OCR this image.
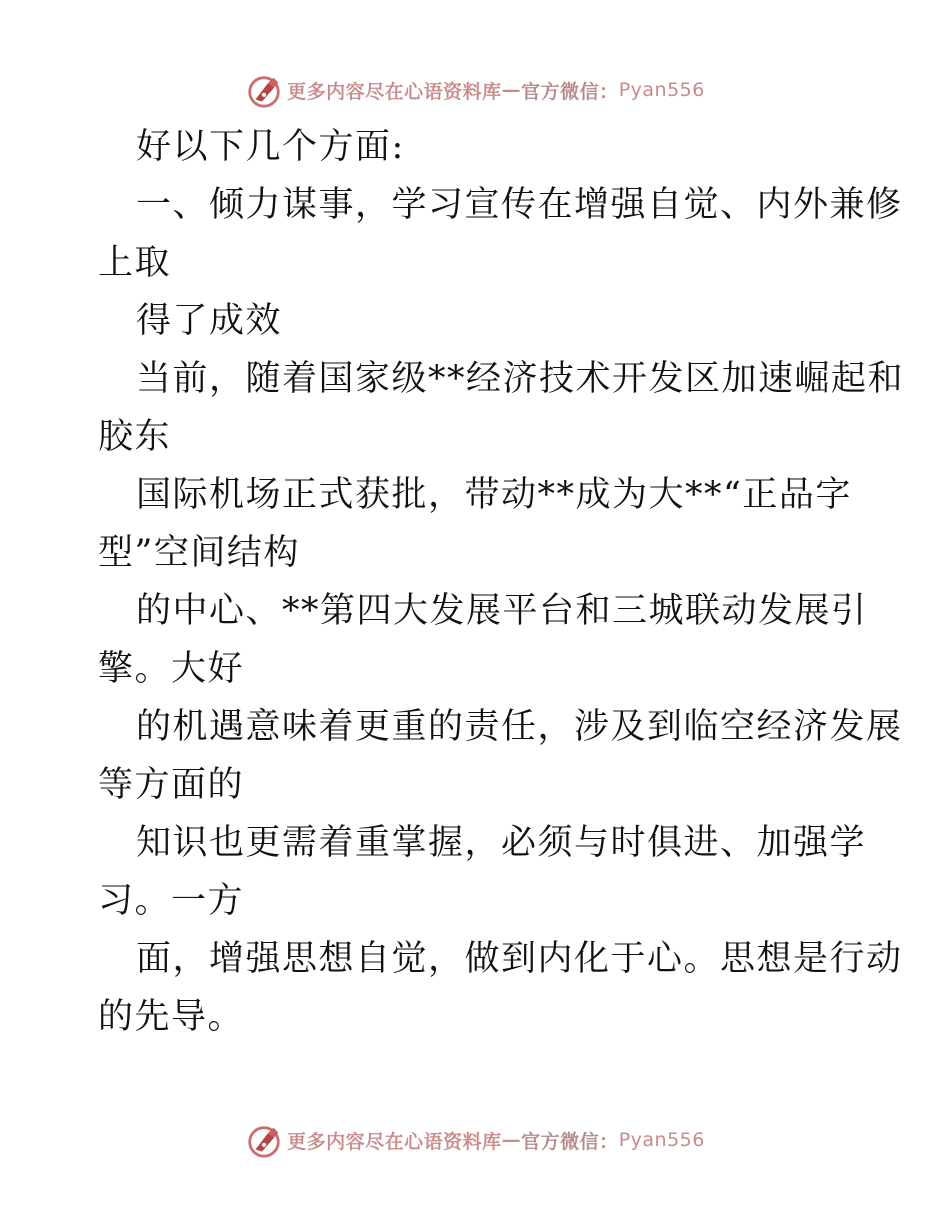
更多内容尽在心语资料库 — 官方微信： Pyan556
好以下几个方面:
一、倾力谋事，学习宣传在增强自觉、内外兼修
上取
得了成效
当前，随着国家级**经济技术开发区加速崛起和
胶东
国际机场正式获批，带动**成为大**“正品字
型”空间结构
的中心、**第四大发展平台和三城联动发展引
擎。大好
的机遇意味着更重的责任，涉及到临空经济发展
等方面的
知识也更需着重掌握，必须与时俱进、加强学
习。一方
面，增强思想自觉，做到内化于心。思想是行动
的先导。
更多内容尽在心语资料库 — 官方微信： Pyan556
